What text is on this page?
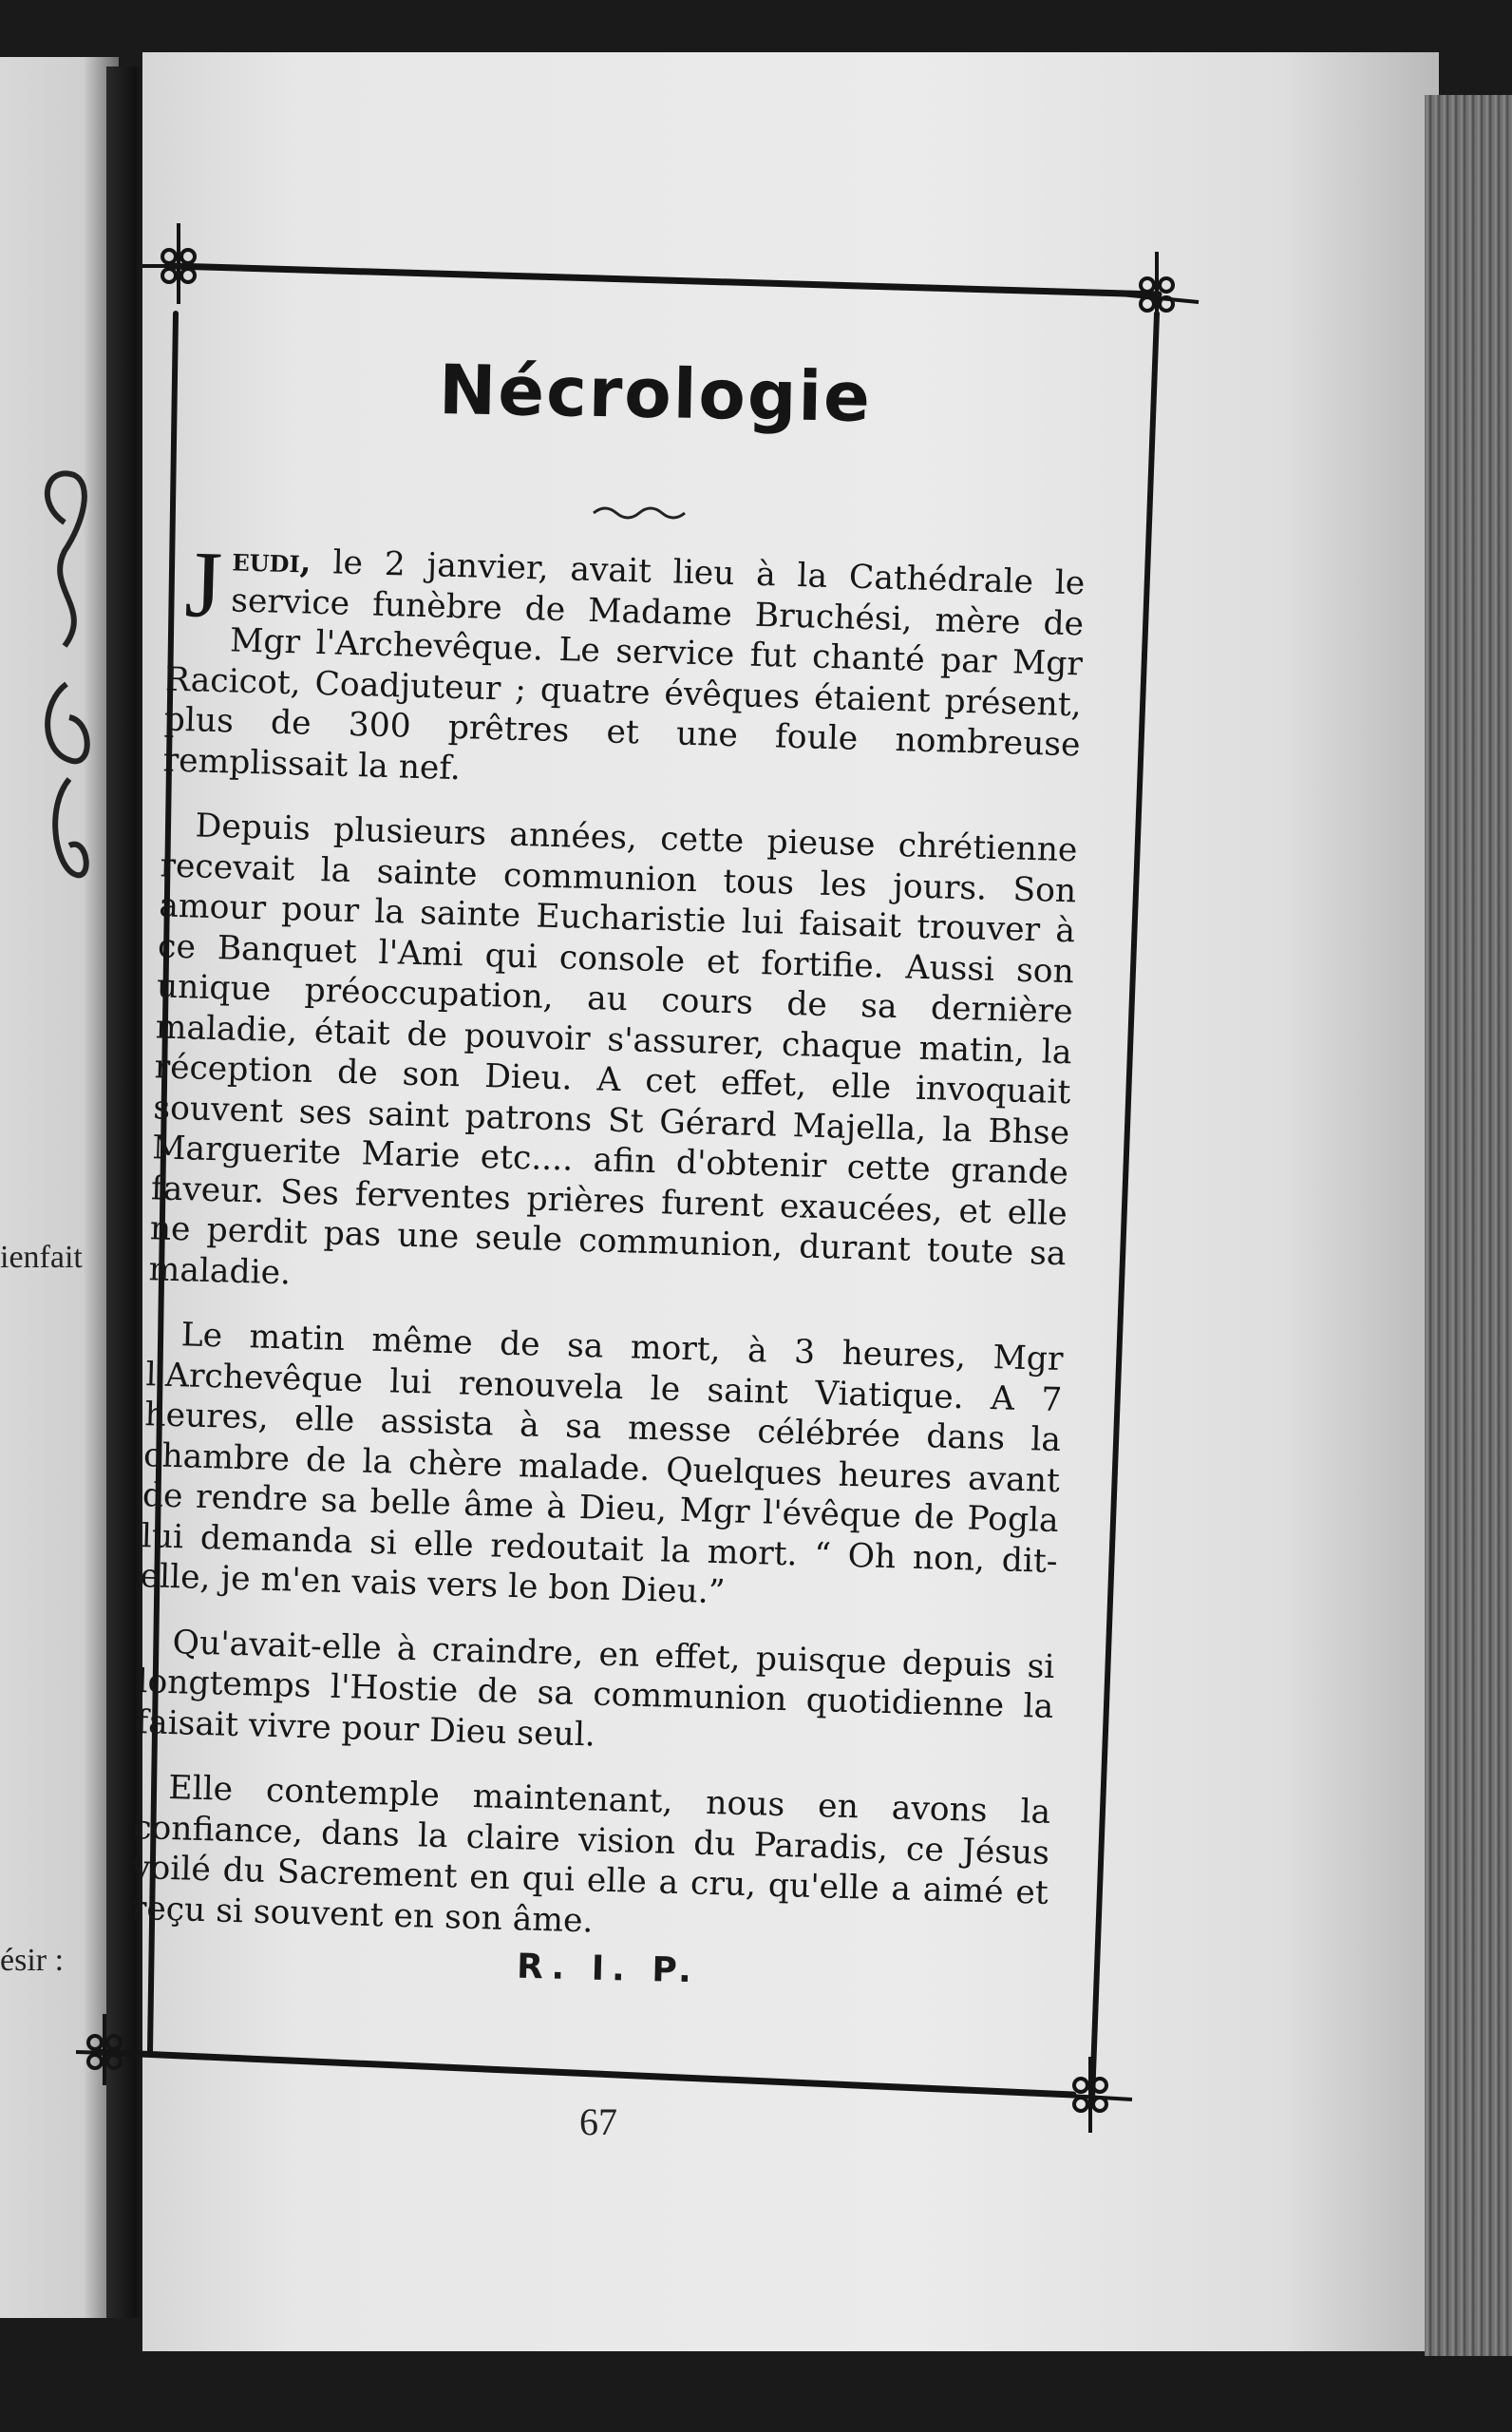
ienfait
ésir :
Nécrologie

Jeudi, le 2 janvier, avait lieu à la Cathédrale le service funèbre de Madame Bruchési, mère de Mgr l'Archevêque. Le service fut chanté par Mgr Racicot, Coadjuteur ; quatre évêques étaient présent, plus de 300 prêtres et une foule nombreuse remplissait la nef.

Depuis plusieurs années, cette pieuse chrétienne recevait la sainte communion tous les jours. Son amour pour la sainte Eucharistie lui faisait trouver à ce Banquet l'Ami qui console et fortifie. Aussi son unique préoccupation, au cours de sa dernière maladie, était de pouvoir s'assurer, chaque matin, la réception de son Dieu. A cet effet, elle invoquait souvent ses saint patrons St Gérard Majella, la Bhse Marguerite Marie etc.... afin d'obtenir cette grande faveur. Ses ferventes prières furent exaucées, et elle ne perdit pas une seule communion, durant toute sa maladie.

Le matin même de sa mort, à 3 heures, Mgr l'Archevêque lui renouvela le saint Viatique. A 7 heures, elle assista à sa messe célébrée dans la chambre de la chère malade. Quelques heures avant de rendre sa belle âme à Dieu, Mgr l'évêque de Pogla lui demanda si elle redoutait la mort. “ Oh non, dit-elle, je m'en vais vers le bon Dieu.”

Qu'avait-elle à craindre, en effet, puisque depuis si longtemps l'Hostie de sa communion quotidienne la faisait vivre pour Dieu seul.

Elle contemple maintenant, nous en avons la confiance, dans la claire vision du Paradis, ce Jésus voilé du Sacrement en qui elle a cru, qu'elle a aimé et reçu si souvent en son âme.

R. I. P.
67
